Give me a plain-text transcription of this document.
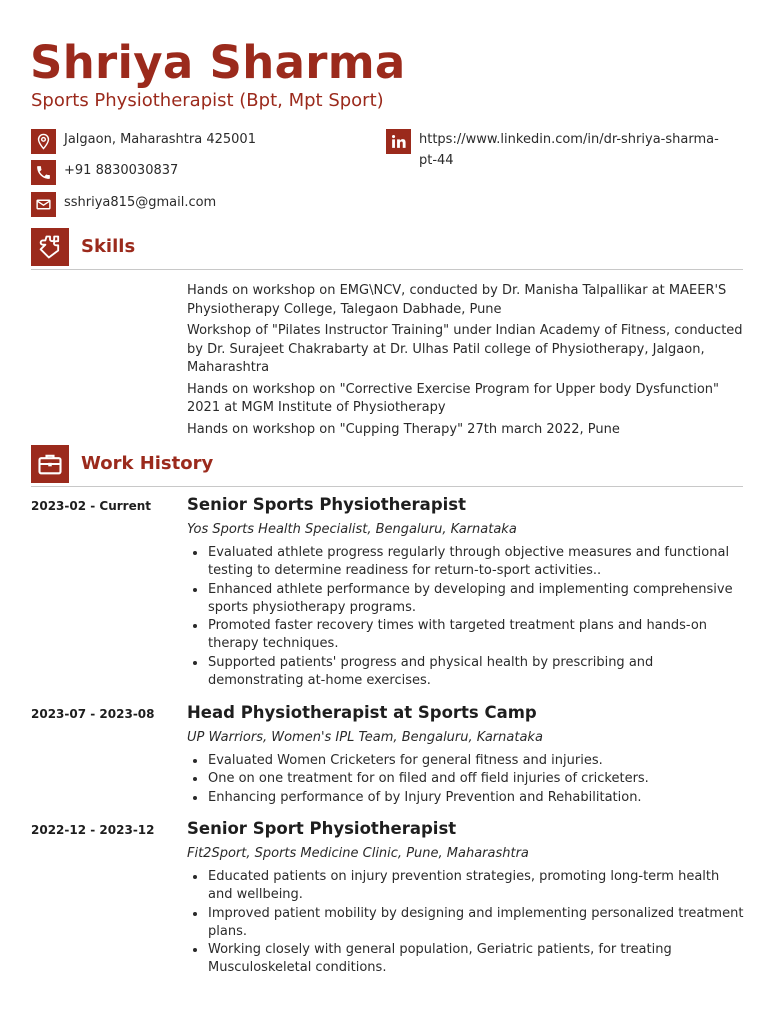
Shriya Sharma
Sports Physiotherapist (Bpt, Mpt Sport)
Jalgaon, Maharashtra 425001
+91 8830030837
sshriya815@gmail.com
https://www.linkedin.com/in/dr-shriya-sharma-
pt-44
Skills
Hands on workshop on EMG\NCV, conducted by Dr. Manisha Talpallikar at MAEER'S Physiotherapy College, Talegaon Dabhade, Pune
Workshop of "Pilates Instructor Training" under Indian Academy of Fitness, conducted by Dr. Surajeet Chakrabarty at Dr. Ulhas Patil college of Physiotherapy, Jalgaon, Maharashtra
Hands on workshop on "Corrective Exercise Program for Upper body Dysfunction" 2021 at MGM Institute of Physiotherapy
Hands on workshop on "Cupping Therapy" 27th march 2022, Pune
Work History
2023-02 - Current Senior Sports Physiotherapist
Yos Sports Health Specialist, Bengaluru, Karnataka
Evaluated athlete progress regularly through objective measures and functional testing to determine readiness for return-to-sport activities..
Enhanced athlete performance by developing and implementing comprehensive sports physiotherapy programs.
Promoted faster recovery times with targeted treatment plans and hands-on therapy techniques.
Supported patients' progress and physical health by prescribing and demonstrating at-home exercises.
2023-07 - 2023-08 Head Physiotherapist at Sports Camp
UP Warriors, Women's IPL Team, Bengaluru, Karnataka
Evaluated Women Cricketers for general fitness and injuries.
One on one treatment for on filed and off field injuries of cricketers.
Enhancing performance of by Injury Prevention and Rehabilitation.
2022-12 - 2023-12 Senior Sport Physiotherapist
Fit2Sport, Sports Medicine Clinic, Pune, Maharashtra
Educated patients on injury prevention strategies, promoting long-term health and wellbeing.
Improved patient mobility by designing and implementing personalized treatment plans.
Working closely with general population, Geriatric patients, for treating Musculoskeletal conditions.
